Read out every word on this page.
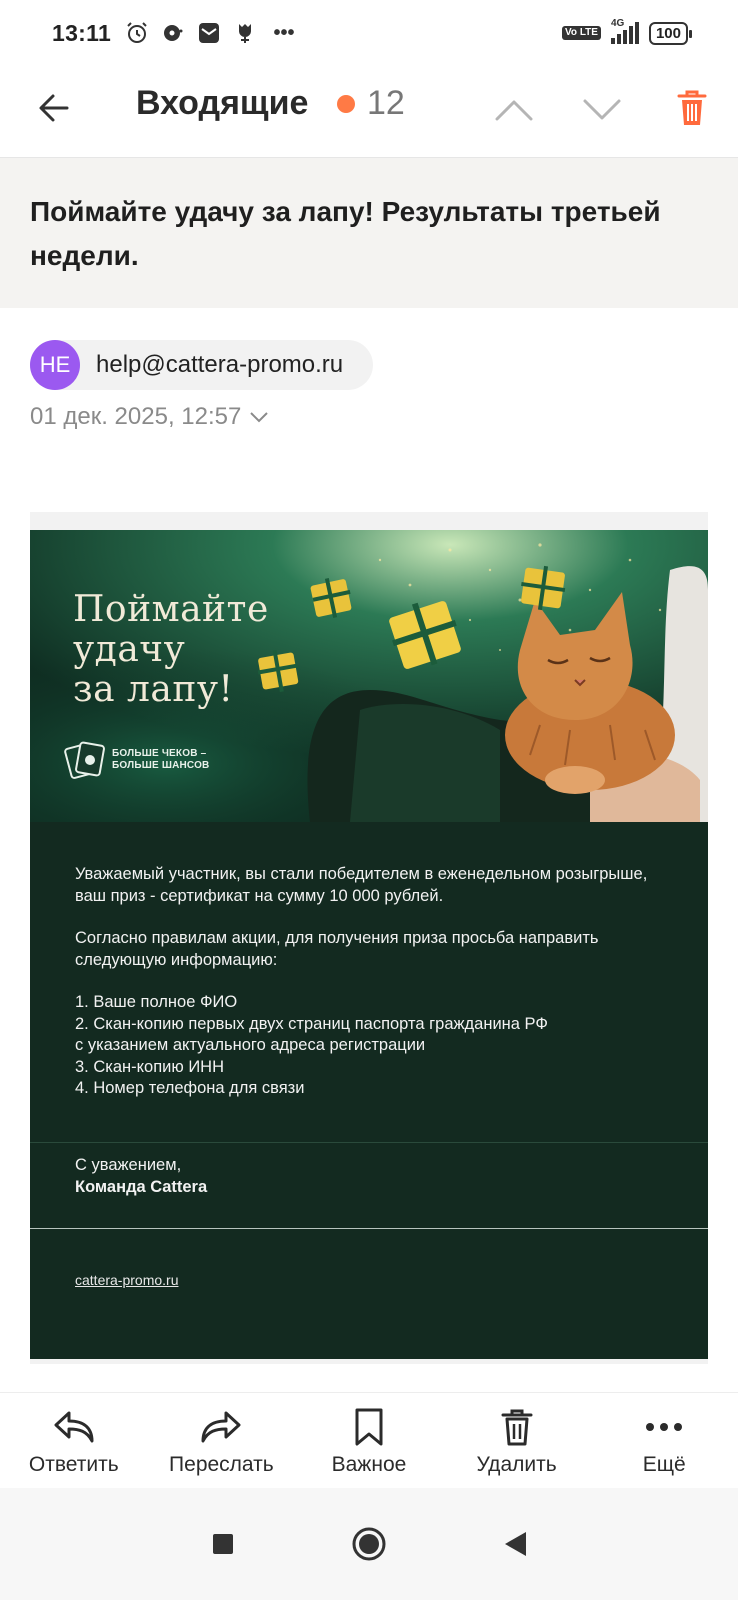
13:11	•••	Vo LTE
4G
100
Входящие 12
Поймайте удачу за лапу! Результаты третьей недели.
HE	help@cattera-promo.ru
01 дек. 2025, 12:57
Поймайте
удачу
за лапу!
БОЛЬШЕ ЧЕКОВ –
БОЛЬШЕ ШАНСОВ

Уважаемый участник, вы стали победителем в еженедельном розыгрыше, ваш приз - сертификат на сумму 10 000 рублей.

Согласно правилам акции, для получения приза просьба направить следующую информацию:

1. Ваше полное ФИО
2. Скан-копию первых двух страниц паспорта гражданина РФ
с указанием актуального адреса регистрации
3. Скан-копию ИНН
4. Номер телефона для связи
С уважением,
Команда Cattera
cattera-promo.ru
Ответить Переслать	Важное	Удалить	Ещё
